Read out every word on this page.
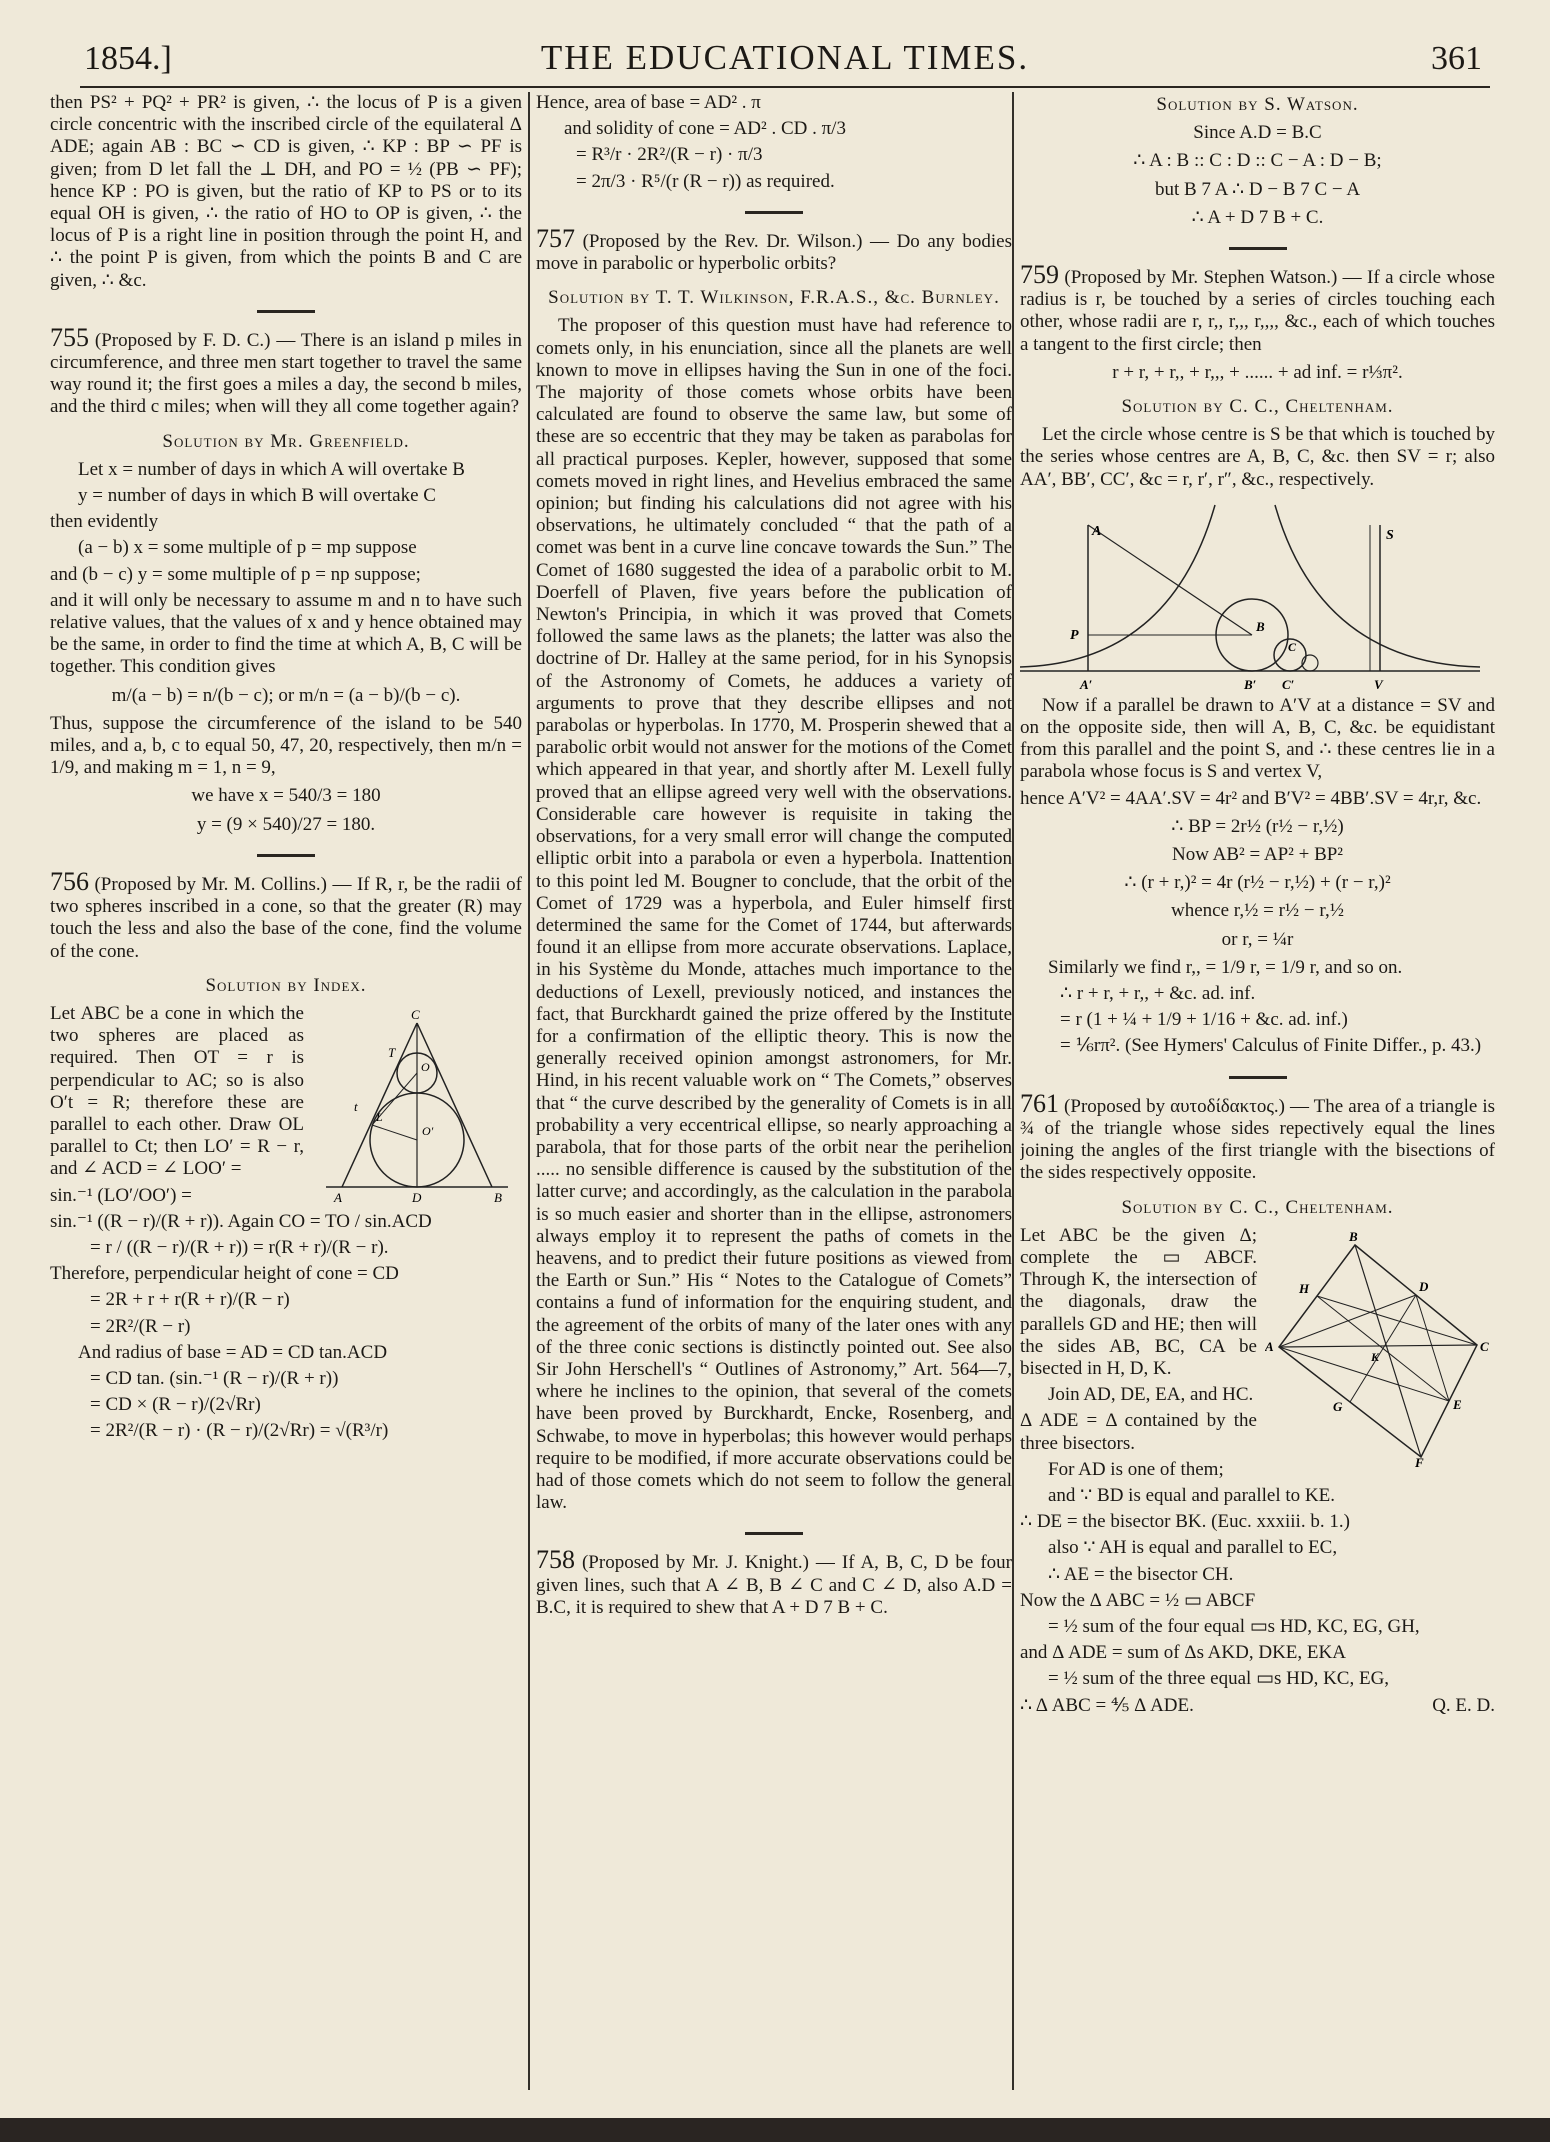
1854.]	THE EDUCATIONAL TIMES.	361

then PS² + PQ² + PR² is given, ∴ the locus of P is a given circle concentric with the inscribed circle of the equilateral Δ ADE; again AB : BC ∽ CD is given, ∴ KP : BP ∽ PF is given; from D let fall the ⊥ DH, and PO = ½ (PB ∽ PF); hence KP : PO is given, but the ratio of KP to PS or to its equal OH is given, ∴ the ratio of HO to OP is given, ∴ the locus of P is a right line in position through the point H, and ∴ the point P is given, from which the points B and C are given, ∴ &c.

755 (Proposed by F. D. C.) — There is an island p miles in circumference, and three men start together to travel the same way round it; the first goes a miles a day, the second b miles, and the third c miles; when will they all come together again?

Solution by Mr. Greenfield.

Let x = number of days in which A will overtake B

y = number of days in which B will overtake C

then evidently

(a − b) x = some multiple of p = mp suppose

and (b − c) y = some multiple of p = np suppose;

and it will only be necessary to assume m and n to have such relative values, that the values of x and y hence obtained may be the same, in order to find the time at which A, B, C will be together. This condition gives

m/(a − b) = n/(b − c); or m/n = (a − b)/(b − c).

Thus, suppose the circumference of the island to be 540 miles, and a, b, c to equal 50, 47, 20, respectively, then m/n = 1/9, and making m = 1, n = 9,

we have x = 540/3 = 180

y = (9 × 540)/27 = 180.

756 (Proposed by Mr. M. Collins.) — If R, r, be the radii of two spheres inscribed in a cone, so that the greater (R) may touch the less and also the base of the cone, find the volume of the cone.

Solution by Index.
C
T
O
t
L
O′
A	D	B

Let ABC be a cone in which the two spheres are placed as required. Then OT = r is perpendicular to AC; so is also O′t = R; therefore these are parallel to each other. Draw OL parallel to Ct; then LO′ = R − r, and ∠ ACD = ∠ LOO′ =

sin.⁻¹ (LO′/OO′) =

sin.⁻¹ ((R − r)/(R + r)). Again CO = TO / sin.ACD

= r / ((R − r)/(R + r)) = r(R + r)/(R − r).

Therefore, perpendicular height of cone = CD

= 2R + r + r(R + r)/(R − r)

= 2R²/(R − r)

And radius of base = AD = CD tan.ACD

= CD tan. (sin.⁻¹ (R − r)/(R + r))

= CD × (R − r)/(2√Rr)

= 2R²/(R − r) · (R − r)/(2√Rr) = √(R³/r)

Hence, area of base = AD² . π

and solidity of cone = AD² . CD . π/3

= R³/r · 2R²/(R − r) · π/3

= 2π/3 · R⁵/(r (R − r)) as required.

757 (Proposed by the Rev. Dr. Wilson.) — Do any bodies move in parabolic or hyperbolic orbits?

Solution by T. T. Wilkinson, F.R.A.S., &c. Burnley.

The proposer of this question must have had reference to comets only, in his enunciation, since all the planets are well known to move in ellipses having the Sun in one of the foci. The majority of those comets whose orbits have been calculated are found to observe the same law, but some of these are so eccentric that they may be taken as parabolas for all practical purposes. Kepler, however, supposed that some comets moved in right lines, and Hevelius embraced the same opinion; but finding his calculations did not agree with his observations, he ultimately concluded “ that the path of a comet was bent in a curve line concave towards the Sun.” The Comet of 1680 suggested the idea of a parabolic orbit to M. Doerfell of Plaven, five years before the publication of Newton's Principia, in which it was proved that Comets followed the same laws as the planets; the latter was also the doctrine of Dr. Halley at the same period, for in his Synopsis of the Astronomy of Comets, he adduces a variety of arguments to prove that they describe ellipses and not parabolas or hyperbolas. In 1770, M. Prosperin shewed that a parabolic orbit would not answer for the motions of the Comet which appeared in that year, and shortly after M. Lexell fully proved that an ellipse agreed very well with the observations. Considerable care however is requisite in taking the observations, for a very small error will change the computed elliptic orbit into a parabola or even a hyperbola. Inattention to this point led M. Bougner to conclude, that the orbit of the Comet of 1729 was a hyperbola, and Euler himself first determined the same for the Comet of 1744, but afterwards found it an ellipse from more accurate observations. Laplace, in his Système du Monde, attaches much importance to the deductions of Lexell, previously noticed, and instances the fact, that Burckhardt gained the prize offered by the Institute for a confirmation of the elliptic theory. This is now the generally received opinion amongst astronomers, for Mr. Hind, in his recent valuable work on “ The Comets,” observes that “ the curve described by the generality of Comets is in all probability a very eccentrical ellipse, so nearly approaching a parabola, that for those parts of the orbit near the perihelion ..... no sensible difference is caused by the substitution of the latter curve; and accordingly, as the calculation in the parabola is so much easier and shorter than in the ellipse, astronomers always employ it to represent the paths of comets in the heavens, and to predict their future positions as viewed from the Earth or Sun.” His “ Notes to the Catalogue of Comets” contains a fund of information for the enquiring student, and the agreement of the orbits of many of the later ones with any of the three conic sections is distinctly pointed out. See also Sir John Herschell's “ Outlines of Astronomy,” Art. 564—7, where he inclines to the opinion, that several of the comets have been proved by Burckhardt, Encke, Rosenberg, and Schwabe, to move in hyperbolas; this however would perhaps require to be modified, if more accurate observations could be had of those comets which do not seem to follow the general law.

758 (Proposed by Mr. J. Knight.) — If A, B, C, D be four given lines, such that A ∠ B, B ∠ C and C ∠ D, also A.D = B.C, it is required to shew that A + D 7 B + C.

Solution by S. Watson.

Since A.D = B.C

∴ A : B :: C : D :: C − A : D − B;

but B 7 A ∴ D − B 7 C − A

∴ A + D 7 B + C.

759 (Proposed by Mr. Stephen Watson.) — If a circle whose radius is r, be touched by a series of circles touching each other, whose radii are r, r,, r,,, r,,,, &c., each of which touches a tangent to the first circle; then

r + r, + r,, + r,,, + ...... + ad inf. = r⅓π².

Solution by C. C., Cheltenham.

Let the circle whose centre is S be that which is touched by the series whose centres are A, B, C, &c. then SV = r; also AA′, BB′, CC′, &c = r, r′, r″, &c., respectively.

A	S
P
B
C
A′	B′ C′	V

Now if a parallel be drawn to A′V at a distance = SV and on the opposite side, then will A, B, C, &c. be equidistant from this parallel and the point S, and ∴ these centres lie in a parabola whose focus is S and vertex V,

hence A′V² = 4AA′.SV = 4r² and B′V² = 4BB′.SV = 4r,r, &c.

∴ BP = 2r½ (r½ − r,½)

Now AB² = AP² + BP²

∴ (r + r,)² = 4r (r½ − r,½) + (r − r,)²

whence r,½ = r½ − r,½

or r, = ¼r

Similarly we find r,, = 1/9 r, = 1/9 r, and so on.

∴ r + r, + r,, + &c. ad. inf.

= r (1 + ¼ + 1/9 + 1/16 + &c. ad. inf.)

= ⅙rπ². (See Hymers' Calculus of Finite Differ., p. 43.)

761 (Proposed by αυτοδίδακτος.) — The area of a triangle is ¾ of the triangle whose sides repectively equal the lines joining the angles of the first triangle with the bisections of the sides respectively opposite.

Solution by C. C., Cheltenham.
B
H	D
A
K
C
G	E
F

Let ABC be the given Δ; complete the ▭ ABCF. Through K, the intersection of the diagonals, draw the parallels GD and HE; then will the sides AB, BC, CA be bisected in H, D, K.

Join AD, DE, EA, and HC.

Δ ADE = Δ contained by the three bisectors.

For AD is one of them;

and ∵ BD is equal and parallel to KE.

∴ DE = the bisector BK. (Euc. xxxiii. b. 1.)

also ∵ AH is equal and parallel to EC,

∴ AE = the bisector CH.

Now the Δ ABC = ½ ▭ ABCF

= ½ sum of the four equal ▭s HD, KC, EG, GH,

and Δ ADE = sum of Δs AKD, DKE, EKA

= ½ sum of the three equal ▭s HD, KC, EG,

∴ Δ ABC = ⅘ Δ ADE.	Q. E. D.
